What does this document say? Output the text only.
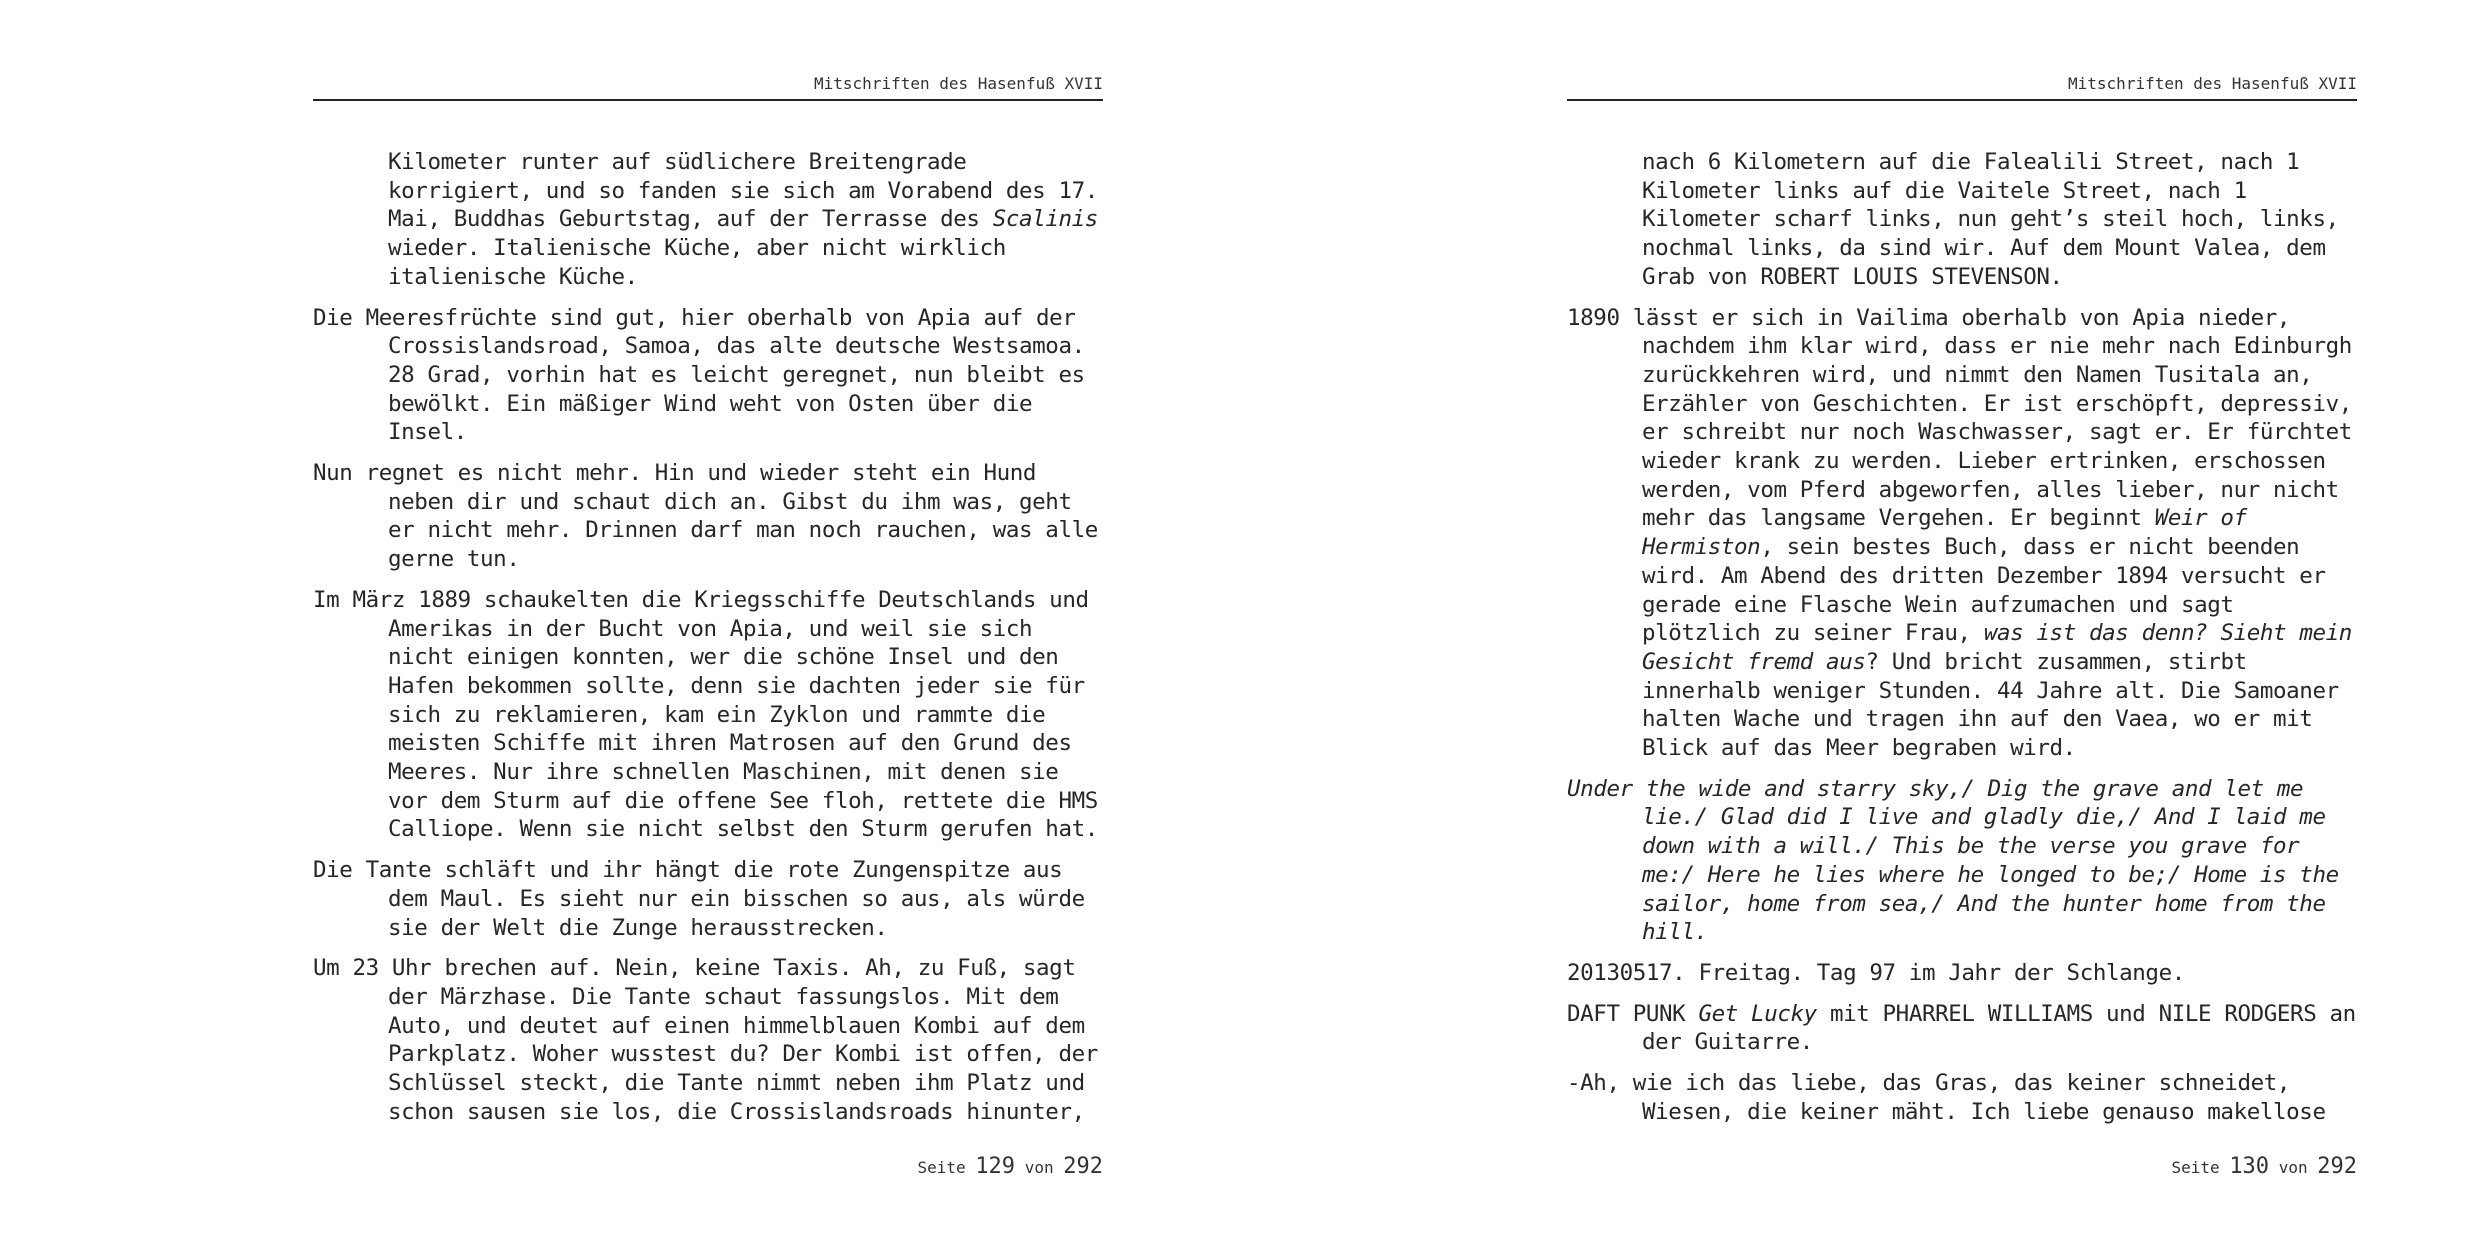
Mitschriften des Hasenfuß XVII

Kilometer runter auf südlichere Breitengrade korrigiert, und so fanden sie sich am Vorabend des 17. Mai, Buddhas Geburtstag, auf der Terrasse des Scalinis wieder. Italienische Küche, aber nicht wirklich italienische Küche.

Die Meeresfrüchte sind gut, hier oberhalb von Apia auf der Crossislandsroad, Samoa, das alte deutsche Westsamoa. 28 Grad, vorhin hat es leicht geregnet, nun bleibt es bewölkt. Ein mäßiger Wind weht von Osten über die Insel.

Nun regnet es nicht mehr. Hin und wieder steht ein Hund neben dir und schaut dich an. Gibst du ihm was, geht er nicht mehr. Drinnen darf man noch rauchen, was alle gerne tun.

Im März 1889 schaukelten die Kriegsschiffe Deutschlands und Amerikas in der Bucht von Apia, und weil sie sich nicht einigen konnten, wer die schöne Insel und den Hafen bekommen sollte, denn sie dachten jeder sie für sich zu reklamieren, kam ein Zyklon und rammte die meisten Schiffe mit ihren Matrosen auf den Grund des Meeres. Nur ihre schnellen Maschinen, mit denen sie vor dem Sturm auf die offene See floh, rettete die HMS Calliope. Wenn sie nicht selbst den Sturm gerufen hat.

Die Tante schläft und ihr hängt die rote Zungenspitze aus dem Maul. Es sieht nur ein bisschen so aus, als würde sie der Welt die Zunge herausstrecken.

Um 23 Uhr brechen auf. Nein, keine Taxis. Ah, zu Fuß, sagt der Märzhase. Die Tante schaut fassungslos. Mit dem Auto, und deutet auf einen himmelblauen Kombi auf dem Parkplatz. Woher wusstest du? Der Kombi ist offen, der Schlüssel steckt, die Tante nimmt neben ihm Platz und schon sausen sie los, die Crossislandsroads hinunter,

Seite 129 von 292
Mitschriften des Hasenfuß XVII

nach 6 Kilometern auf die Falealili Street, nach 1 Kilometer links auf die Vaitele Street, nach 1 Kilometer scharf links, nun geht’s steil hoch, links, nochmal links, da sind wir. Auf dem Mount Valea, dem Grab von ROBERT LOUIS STEVENSON.

1890 lässt er sich in Vailima oberhalb von Apia nieder, nachdem ihm klar wird, dass er nie mehr nach Edinburgh zurückkehren wird, und nimmt den Namen Tusitala an, Erzähler von Geschichten. Er ist erschöpft, depressiv, er schreibt nur noch Waschwasser, sagt er. Er fürchtet wieder krank zu werden. Lieber ertrinken, erschossen werden, vom Pferd abgeworfen, alles lieber, nur nicht mehr das langsame Vergehen. Er beginnt Weir of Hermiston, sein bestes Buch, dass er nicht beenden wird. Am Abend des dritten Dezember 1894 versucht er gerade eine Flasche Wein aufzumachen und sagt plötzlich zu seiner Frau, was ist das denn? Sieht mein Gesicht fremd aus? Und bricht zusammen, stirbt innerhalb weniger Stunden. 44 Jahre alt. Die Samoaner halten Wache und tragen ihn auf den Vaea, wo er mit Blick auf das Meer begraben wird.

Under the wide and starry sky,/ Dig the grave and let me lie./ Glad did I live and gladly die,/ And I laid me down with a will./ This be the verse you grave for me:/ Here he lies where he longed to be;/ Home is the sailor, home from sea,/ And the hunter home from the hill.

20130517. Freitag. Tag 97 im Jahr der Schlange.

DAFT PUNK Get Lucky mit PHARREL WILLIAMS und NILE RODGERS an der Guitarre.

-Ah, wie ich das liebe, das Gras, das keiner schneidet, Wiesen, die keiner mäht. Ich liebe genauso makellose

Seite 130 von 292
